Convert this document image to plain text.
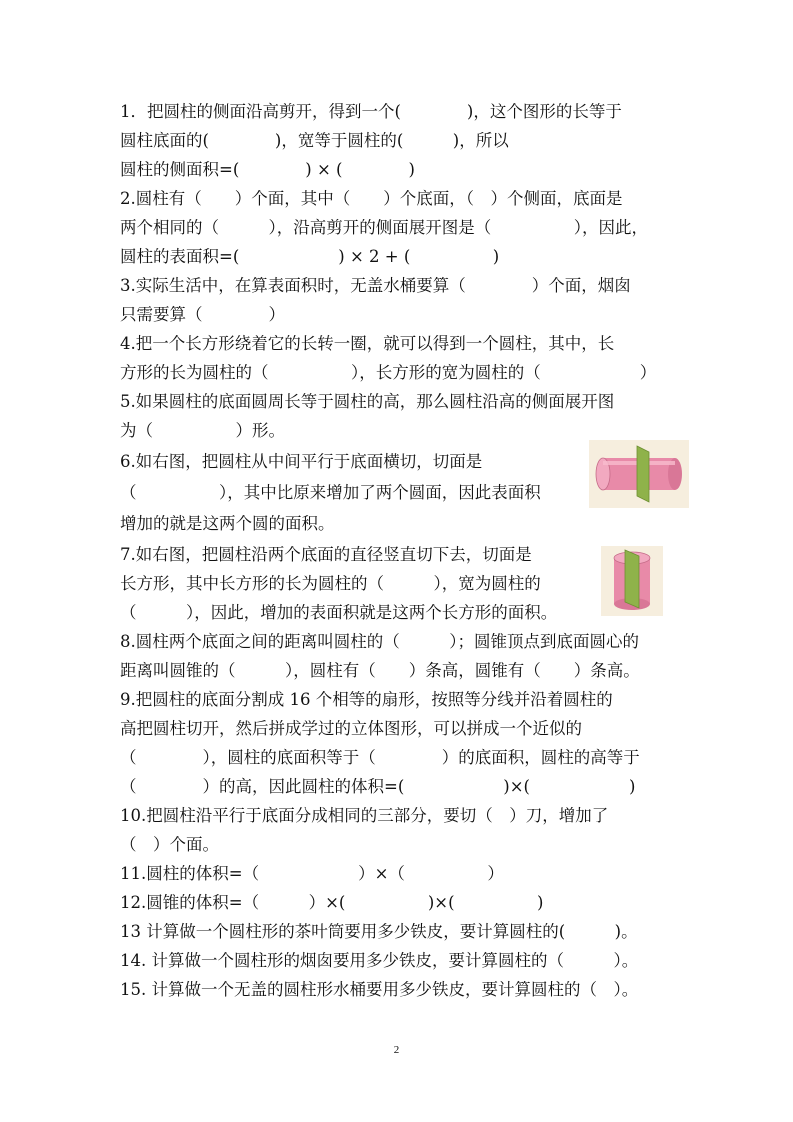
1．把圆柱的侧面沿高剪开，得到一个(　　　　)，这个图形的长等于
圆柱底面的(　　　　)，宽等于圆柱的(　　　)，所以
圆柱的侧面积=(　　　　) × (　　　　)
2.圆柱有（　　）个面，其中（　　）个底面，（　）个侧面，底面是
两个相同的（　　　），沿高剪开的侧面展开图是（　　　　　），因此，
圆柱的表面积=(　　　　　　) × 2 + (　　　　　)
3.实际生活中，在算表面积时，无盖水桶要算（　　　　）个面，烟囱
只需要算（　　　　）
4.把一个长方形绕着它的长转一圈，就可以得到一个圆柱，其中，长
方形的长为圆柱的（　　　　　），长方形的宽为圆柱的（　　　　　　）
5.如果圆柱的底面圆周长等于圆柱的高，那么圆柱沿高的侧面展开图
为（　　　　　）形。
6.如右图，把圆柱从中间平行于底面横切，切面是
（　　　　　），其中比原来增加了两个圆面，因此表面积
增加的就是这两个圆的面积。
7.如右图，把圆柱沿两个底面的直径竖直切下去，切面是
长方形，其中长方形的长为圆柱的（　　　），宽为圆柱的
（　　　），因此，增加的表面积就是这两个长方形的面积。
8.圆柱两个底面之间的距离叫圆柱的（　　　）；圆锥顶点到底面圆心的
距离叫圆锥的（　　　），圆柱有（　　）条高，圆锥有（　　）条高。
9.把圆柱的底面分割成 16 个相等的扇形，按照等分线并沿着圆柱的
高把圆柱切开，然后拼成学过的立体图形，可以拼成一个近似的
（　　　　），圆柱的底面积等于（　　　　）的底面积，圆柱的高等于
（　　　　）的高，因此圆柱的体积=(　　　　　　)×(　　　　　　)
10.把圆柱沿平行于底面分成相同的三部分，要切（　）刀，增加了
（　）个面。
11.圆柱的体积=（　　　　　　）×（　　　　　）
12.圆锥的体积=（　　　）×(　　　　　)×(　　　　　)
13 计算做一个圆柱形的茶叶筒要用多少铁皮，要计算圆柱的(　　　)。
14. 计算做一个圆柱形的烟囱要用多少铁皮，要计算圆柱的（　　　）。
15. 计算做一个无盖的圆柱形水桶要用多少铁皮，要计算圆柱的（　）。
2
